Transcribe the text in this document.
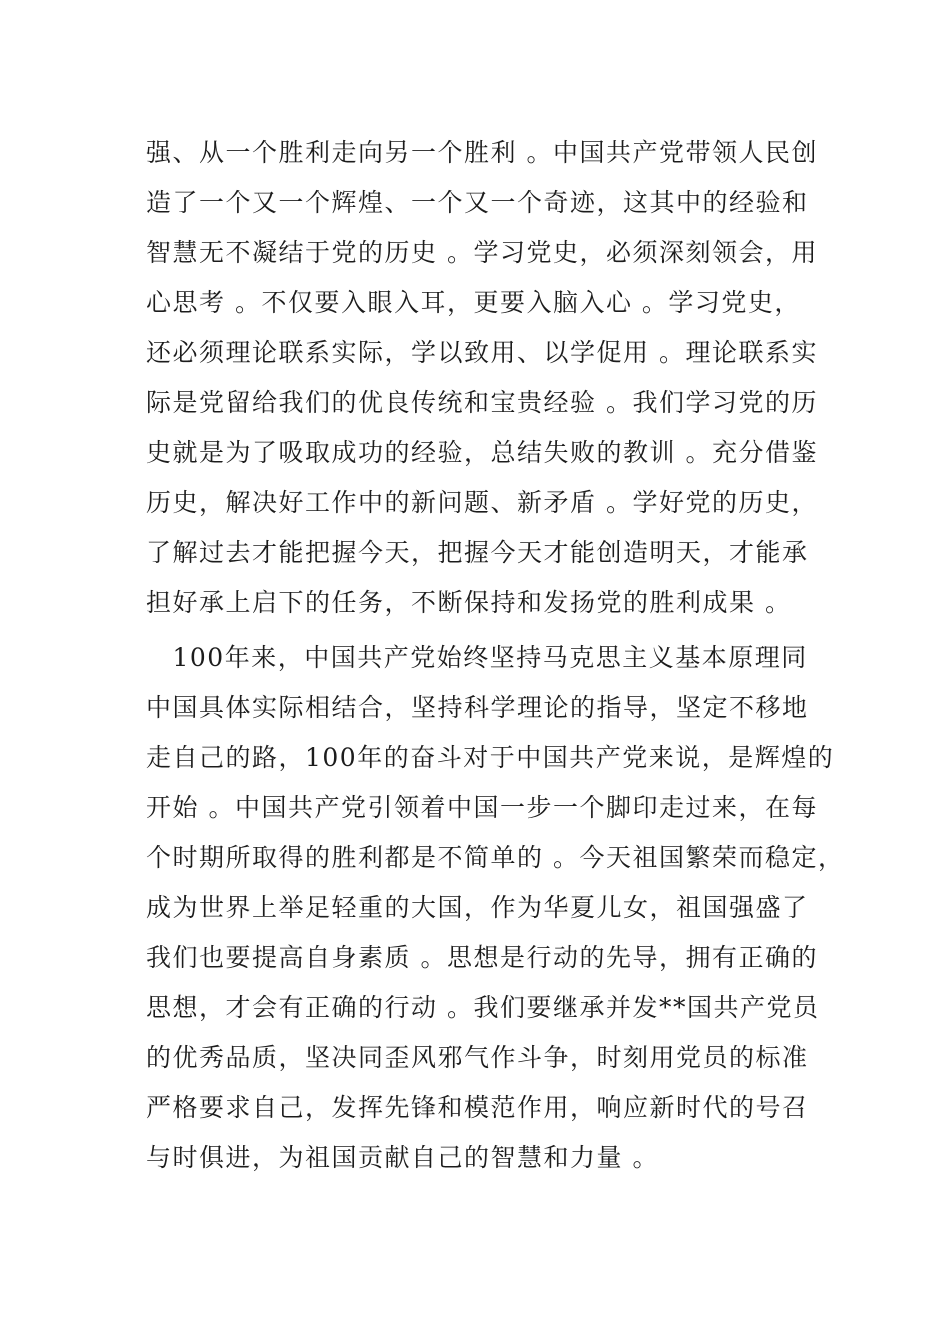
强、从一个胜利走向另一个胜利 。中国共产党带领人民创
造了一个又一个辉煌、一个又一个奇迹，这其中的经验和
智慧无不凝结于党的历史 。学习党史，必须深刻领会，用
心思考 。不仅要入眼入耳，更要入脑入心 。学习党史，
还必须理论联系实际，学以致用、以学促用 。理论联系实
际是党留给我们的优良传统和宝贵经验 。我们学习党的历
史就是为了吸取成功的经验，总结失败的教训 。充分借鉴
历史，解决好工作中的新问题、新矛盾 。学好党的历史，
了解过去才能把握今天，把握今天才能创造明天，才能承
担好承上启下的任务，不断保持和发扬党的胜利成果 。
　100年来，中国共产党始终坚持马克思主义基本原理同
中国具体实际相结合，坚持科学理论的指导，坚定不移地
走自己的路，100年的奋斗对于中国共产党来说，是辉煌的
开始 。中国共产党引领着中国一步一个脚印走过来，在每
个时期所取得的胜利都是不简单的 。今天祖国繁荣而稳定，
成为世界上举足轻重的大国，作为华夏儿女，祖国强盛了
我们也要提高自身素质 。思想是行动的先导，拥有正确的
思想，才会有正确的行动 。我们要继承并发**国共产党员
的优秀品质，坚决同歪风邪气作斗争，时刻用党员的标准
严格要求自己，发挥先锋和模范作用，响应新时代的号召
与时俱进，为祖国贡献自己的智慧和力量 。
